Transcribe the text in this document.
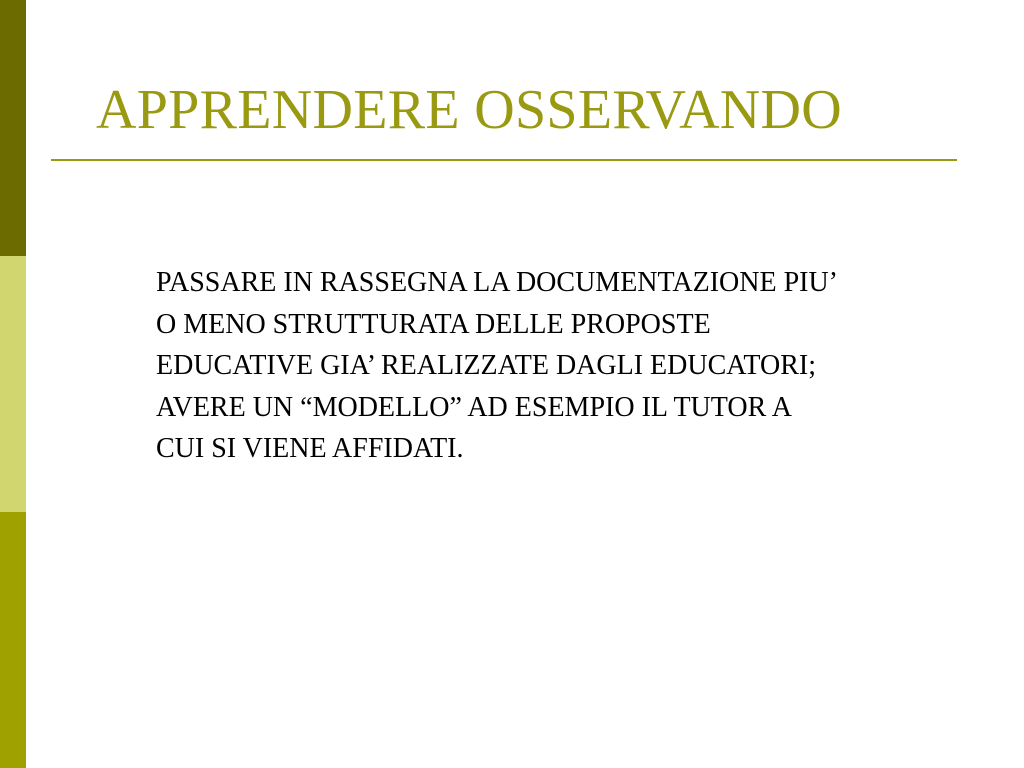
APPRENDERE OSSERVANDO

PASSARE IN RASSEGNA LA DOCUMENTAZIONE PIU’
O MENO STRUTTURATA DELLE PROPOSTE
EDUCATIVE GIA’ REALIZZATE DAGLI EDUCATORI;
AVERE UN “MODELLO” AD ESEMPIO IL TUTOR A
CUI SI VIENE AFFIDATI.
